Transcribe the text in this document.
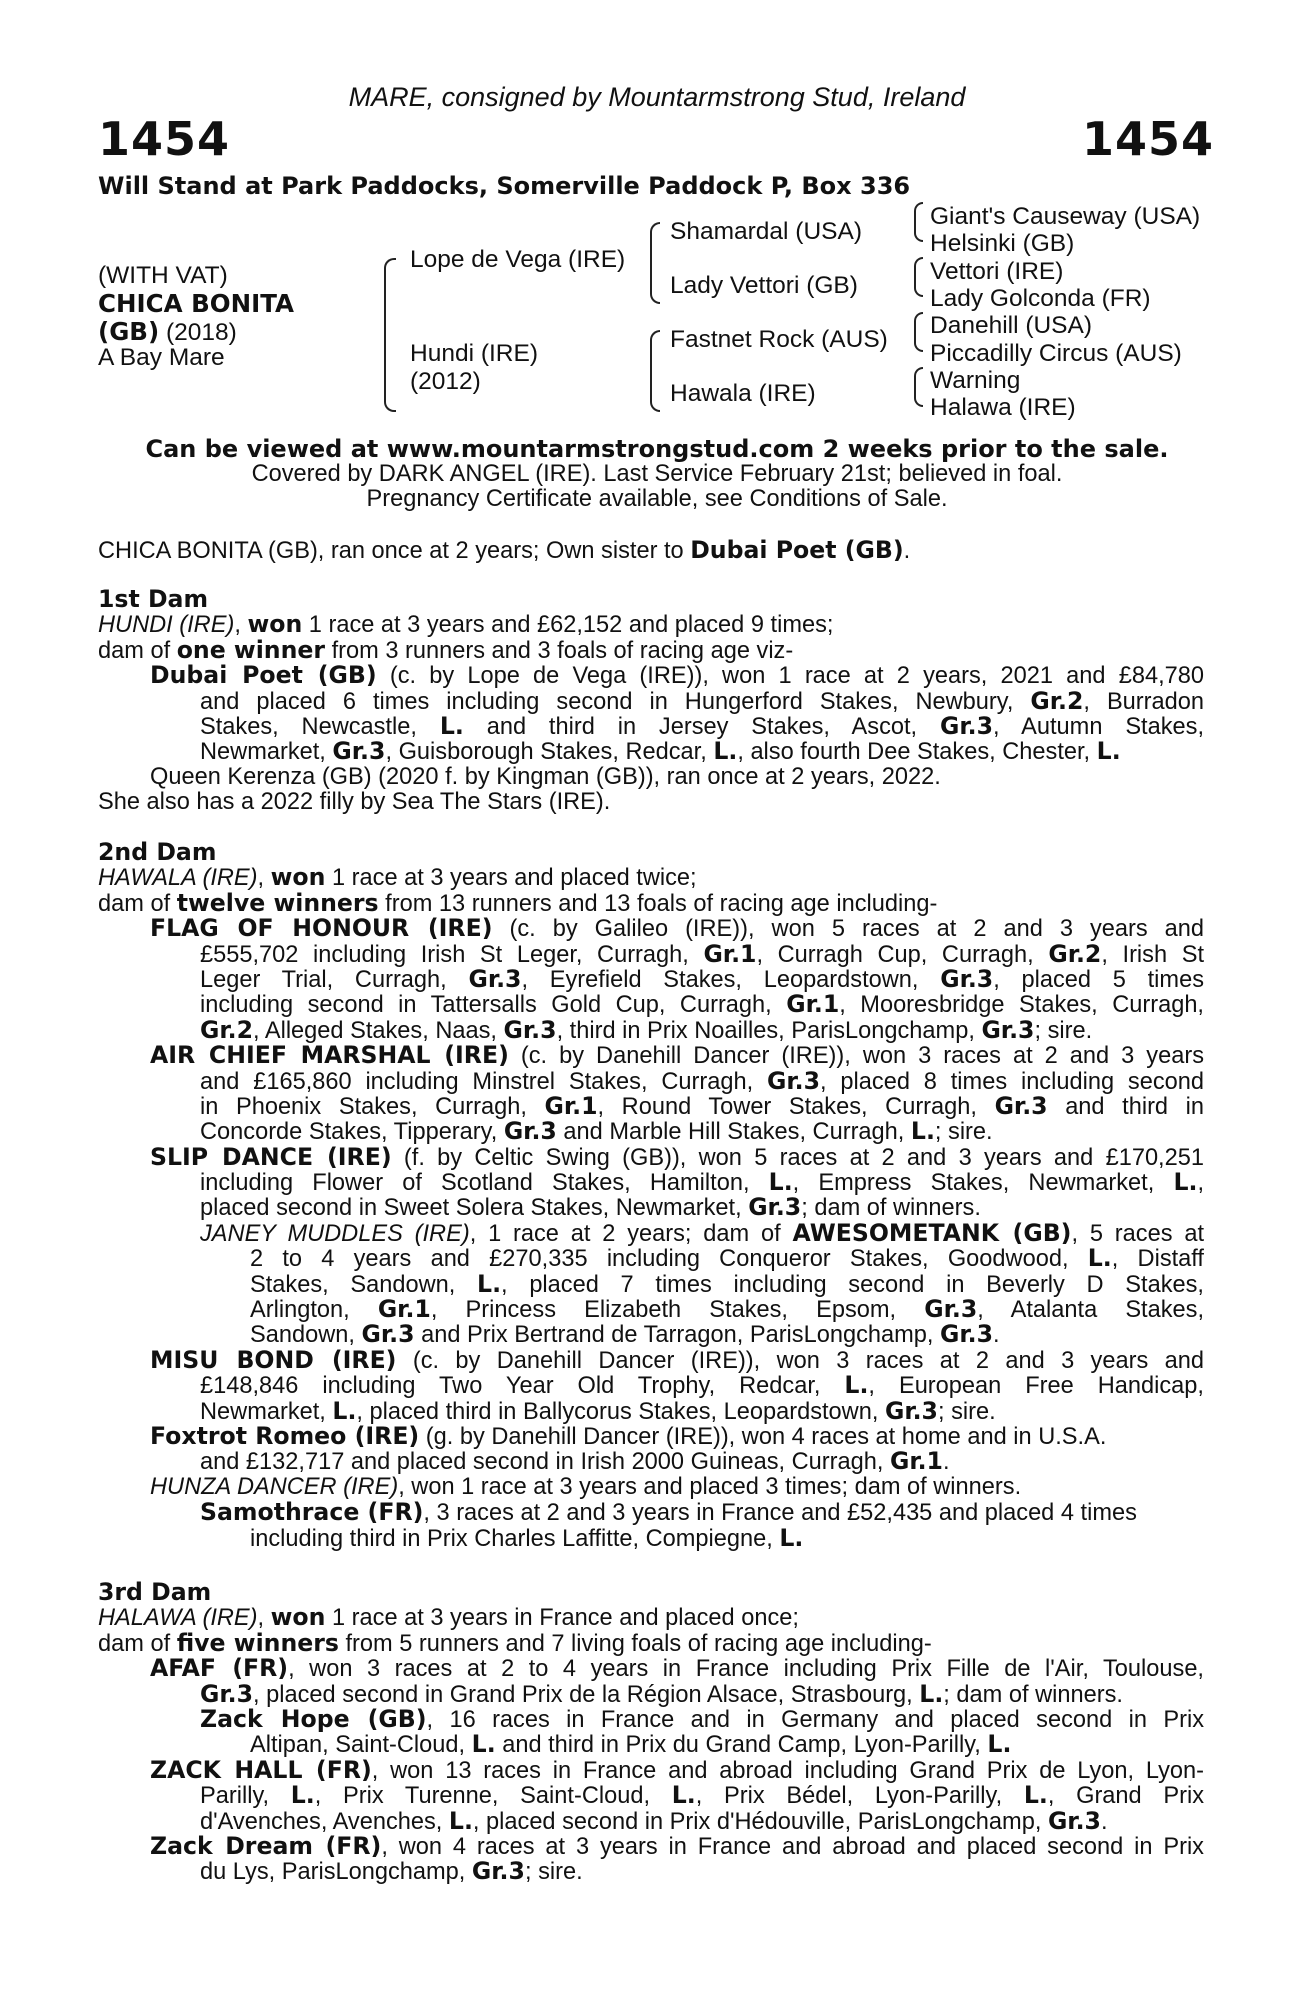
MARE, consigned by Mountarmstrong Stud, Ireland
1454	1454
Will Stand at Park Paddocks, Somerville Paddock P, Box 336
(WITH VAT)
CHICA BONITA
(GB) (2018)
A Bay Mare
Lope de Vega (IRE)
Hundi (IRE)
(2012)
Shamardal (USA)
Lady Vettori (GB)
Fastnet Rock (AUS)
Hawala (IRE)
Giant's Causeway (USA)
Helsinki (GB)
Vettori (IRE)
Lady Golconda (FR)
Danehill (USA)
Piccadilly Circus (AUS)
Warning
Halawa (IRE)
Can be viewed at www.mountarmstrongstud.com 2 weeks prior to the sale.
Covered by DARK ANGEL (IRE). Last Service February 21st; believed in foal.
Pregnancy Certificate available, see Conditions of Sale.
CHICA BONITA (GB), ran once at 2 years; Own sister to Dubai Poet (GB).
1st Dam
HUNDI (IRE), won 1 race at 3 years and £62,152 and placed 9 times;
dam of one winner from 3 runners and 3 foals of racing age viz-
Dubai Poet (GB) (c. by Lope de Vega (IRE)), won 1 race at 2 years, 2021 and £84,780
and placed 6 times including second in Hungerford Stakes, Newbury, Gr.2, Burradon
Stakes, Newcastle, L. and third in Jersey Stakes, Ascot, Gr.3, Autumn Stakes,
Newmarket, Gr.3, Guisborough Stakes, Redcar, L., also fourth Dee Stakes, Chester, L.
Queen Kerenza (GB) (2020 f. by Kingman (GB)), ran once at 2 years, 2022.
She also has a 2022 filly by Sea The Stars (IRE).
2nd Dam
HAWALA (IRE), won 1 race at 3 years and placed twice;
dam of twelve winners from 13 runners and 13 foals of racing age including-
FLAG OF HONOUR (IRE) (c. by Galileo (IRE)), won 5 races at 2 and 3 years and
£555,702 including Irish St Leger, Curragh, Gr.1, Curragh Cup, Curragh, Gr.2, Irish St
Leger Trial, Curragh, Gr.3, Eyrefield Stakes, Leopardstown, Gr.3, placed 5 times
including second in Tattersalls Gold Cup, Curragh, Gr.1, Mooresbridge Stakes, Curragh,
Gr.2, Alleged Stakes, Naas, Gr.3, third in Prix Noailles, ParisLongchamp, Gr.3; sire.
AIR CHIEF MARSHAL (IRE) (c. by Danehill Dancer (IRE)), won 3 races at 2 and 3 years
and £165,860 including Minstrel Stakes, Curragh, Gr.3, placed 8 times including second
in Phoenix Stakes, Curragh, Gr.1, Round Tower Stakes, Curragh, Gr.3 and third in
Concorde Stakes, Tipperary, Gr.3 and Marble Hill Stakes, Curragh, L.; sire.
SLIP DANCE (IRE) (f. by Celtic Swing (GB)), won 5 races at 2 and 3 years and £170,251
including Flower of Scotland Stakes, Hamilton, L., Empress Stakes, Newmarket, L.,
placed second in Sweet Solera Stakes, Newmarket, Gr.3; dam of winners.
JANEY MUDDLES (IRE), 1 race at 2 years; dam of AWESOMETANK (GB), 5 races at
2 to 4 years and £270,335 including Conqueror Stakes, Goodwood, L., Distaff
Stakes, Sandown, L., placed 7 times including second in Beverly D Stakes,
Arlington, Gr.1, Princess Elizabeth Stakes, Epsom, Gr.3, Atalanta Stakes,
Sandown, Gr.3 and Prix Bertrand de Tarragon, ParisLongchamp, Gr.3.
MISU BOND (IRE) (c. by Danehill Dancer (IRE)), won 3 races at 2 and 3 years and
£148,846 including Two Year Old Trophy, Redcar, L., European Free Handicap,
Newmarket, L., placed third in Ballycorus Stakes, Leopardstown, Gr.3; sire.
Foxtrot Romeo (IRE) (g. by Danehill Dancer (IRE)), won 4 races at home and in U.S.A.
and £132,717 and placed second in Irish 2000 Guineas, Curragh, Gr.1.
HUNZA DANCER (IRE), won 1 race at 3 years and placed 3 times; dam of winners.
Samothrace (FR), 3 races at 2 and 3 years in France and £52,435 and placed 4 times
including third in Prix Charles Laffitte, Compiegne, L.
3rd Dam
HALAWA (IRE), won 1 race at 3 years in France and placed once;
dam of five winners from 5 runners and 7 living foals of racing age including-
AFAF (FR), won 3 races at 2 to 4 years in France including Prix Fille de l'Air, Toulouse,
Gr.3, placed second in Grand Prix de la Région Alsace, Strasbourg, L.; dam of winners.
Zack Hope (GB), 16 races in France and in Germany and placed second in Prix
Altipan, Saint-Cloud, L. and third in Prix du Grand Camp, Lyon-Parilly, L.
ZACK HALL (FR), won 13 races in France and abroad including Grand Prix de Lyon, Lyon-
Parilly, L., Prix Turenne, Saint-Cloud, L., Prix Bédel, Lyon-Parilly, L., Grand Prix
d'Avenches, Avenches, L., placed second in Prix d'Hédouville, ParisLongchamp, Gr.3.
Zack Dream (FR), won 4 races at 3 years in France and abroad and placed second in Prix
du Lys, ParisLongchamp, Gr.3; sire.
